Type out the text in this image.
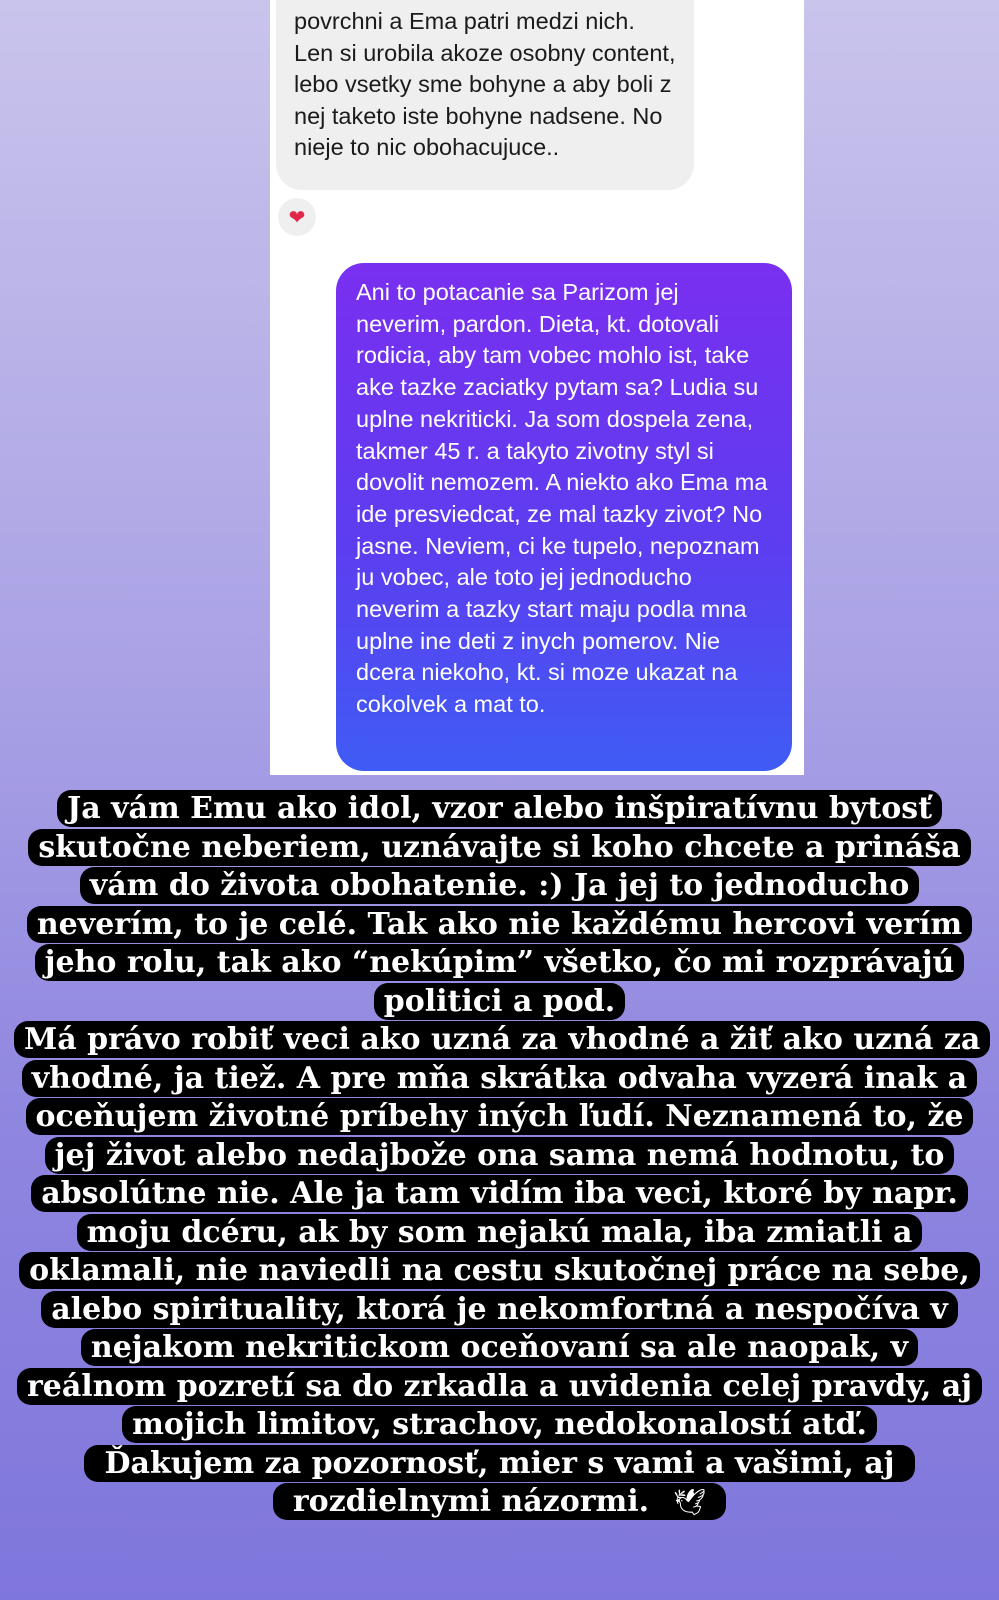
povrchni a Ema patri medzi nich. Len si urobila akoze osobny content, lebo vsetky sme bohyne a aby boli z nej taketo iste bohyne nadsene. No nieje to nic obohacujuce..

❤

Ani to potacanie sa Parizom jej neverim, pardon. Dieta, kt. dotovali rodicia, aby tam vobec mohlo ist, take ake tazke zaciatky pytam sa? Ludia su uplne nekriticki. Ja som dospela zena, takmer 45 r. a takyto zivotny styl si dovolit nemozem. A niekto ako Ema ma ide presviedcat, ze mal tazky zivot? No jasne. Neviem, ci ke tupelo, nepoznam ju vobec, ale toto jej jednoducho neverim a tazky start maju podla mna uplne ine deti z inych pomerov. Nie dcera niekoho, kt. si moze ukazat na cokolvek a mat to.

Ja vám Emu ako idol, vzor alebo inšpiratívnu bytosť skutočne neberiem, uznávajte si koho chcete a prináša vám do života obohatenie. :) Ja jej to jednoducho neverím, to je celé. Tak ako nie každému hercovi verím jeho rolu, tak ako “nekúpim” všetko, čo mi rozprávajú politici a pod.

Má právo robiť veci ako uzná za vhodné a žiť ako uzná za vhodné, ja tiež. A pre mňa skrátka odvaha vyzerá inak a oceňujem životné príbehy iných ľudí. Neznamená to, že jej život alebo nedajbože ona sama nemá hodnotu, to absolútne nie. Ale ja tam vidím iba veci, ktoré by napr. moju dcéru, ak by som nejakú mala, iba zmiatli a oklamali, nie naviedli na cestu skutočnej práce na sebe, alebo spirituality, ktorá je nekomfortná a nespočíva v nejakom nekritickom oceňovaní sa ale naopak, v reálnom pozretí sa do zrkadla a uvidenia celej pravdy, aj mojich limitov, strachov, nedokonalostí atď.

Ďakujem za pozornosť, mier s vami a vašimi, aj rozdielnymi názormi. 🕊
